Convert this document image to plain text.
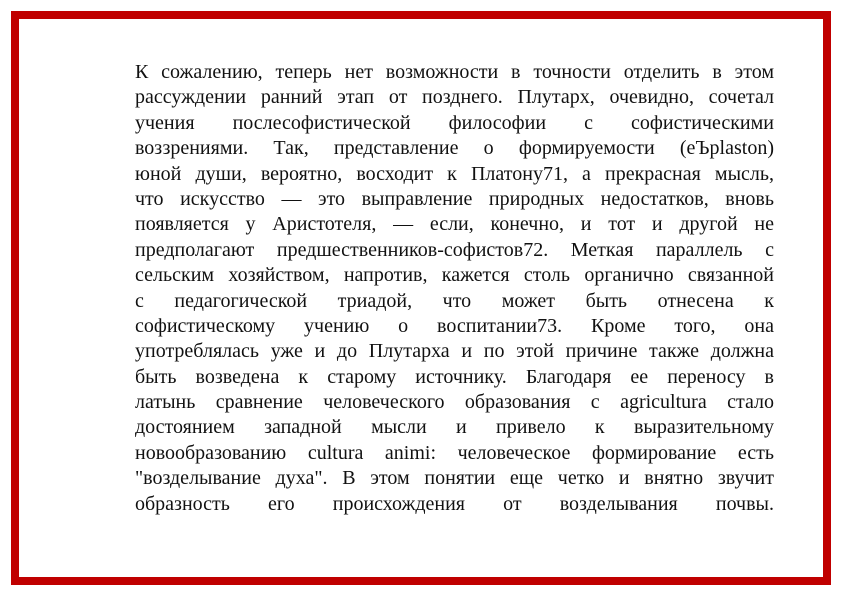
К сожалению, теперь нет возможности в точности отделить в этом
рассуждении ранний этап от позднего. Плутарх, очевидно, сочетал
учения послесофистической философии с софистическими
воззрениями. Так, представление о формируемости (eЪplaston)
юной души, вероятно, восходит к Платону71, а прекрасная мысль,
что искусство — это выправление природных недостатков, вновь
появляется у Аристотеля, — если, конечно, и тот и другой не
предполагают предшественников-софистов72. Меткая параллель с
сельским хозяйством, напротив, кажется столь органично связанной
с педагогической триадой, что может быть отнесена к
софистическому учению о воспитании73. Кроме того, она
употреблялась уже и до Плутарха и по этой причине также должна
быть возведена к старому источнику. Благодаря ее переносу в
латынь сравнение человеческого образования с agricultura стало
достоянием западной мысли и привело к выразительному
новообразованию cultura animi: человеческое формирование есть
"возделывание духа". В этом понятии еще четко и внятно звучит
образность его происхождения от возделывания почвы.
